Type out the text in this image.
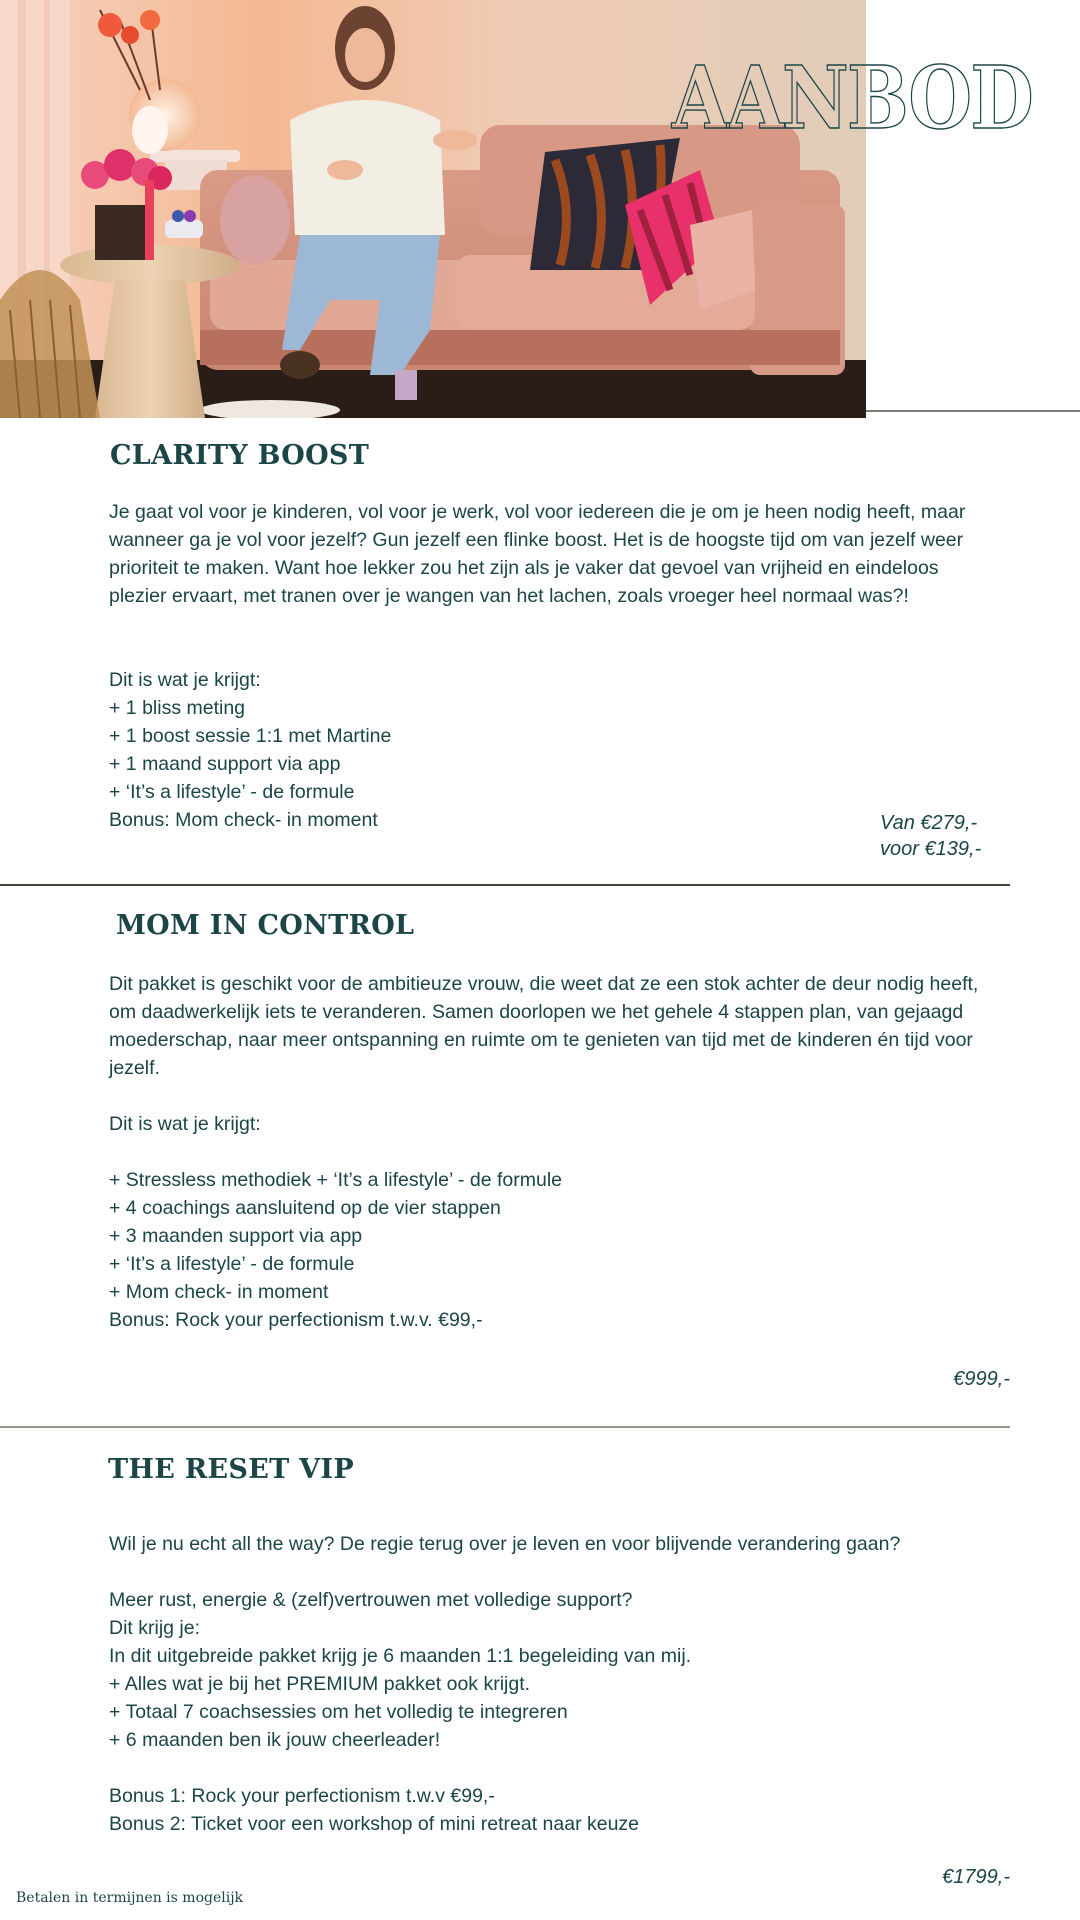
AANBOD
CLARITY BOOST

Je gaat vol voor je kinderen, vol voor je werk, vol voor iedereen die je om je heen nodig heeft, maar wanneer ga je vol voor jezelf? Gun jezelf een flinke boost. Het is de hoogste tijd om van jezelf weer prioriteit te maken. Want hoe lekker zou het zijn als je vaker dat gevoel van vrijheid en eindeloos plezier ervaart, met tranen over je wangen van het lachen, zoals vroeger heel normaal was?!

Dit is wat je krijgt:

+ 1 bliss meting
+ 1 boost sessie 1:1 met Martine
+ 1 maand support via app
+ ‘It’s a lifestyle’ - de formule
Bonus: Mom check- in moment	Van €279,-
voor €139,-
MOM IN CONTROL

Dit pakket is geschikt voor de ambitieuze vrouw, die weet dat ze een stok achter de deur nodig heeft, om daadwerkelijk iets te veranderen. Samen doorlopen we het gehele 4 stappen plan, van gejaagd moederschap, naar meer ontspanning en ruimte om te genieten van tijd met de kinderen én tijd voor jezelf.

Dit is wat je krijgt:

+ Stressless methodiek + ‘It’s a lifestyle’ - de formule
+ 4 coachings aansluitend op de vier stappen
+ 3 maanden support via app
+ ‘It’s a lifestyle’ - de formule
+ Mom check- in moment
Bonus: Rock your perfectionism t.w.v. €99,-
€999,-
THE RESET VIP

Wil je nu echt all the way? De regie terug over je leven en voor blijvende verandering gaan?

Meer rust, energie & (zelf)vertrouwen met volledige support?

In dit uitgebreide pakket krijg je 6 maanden 1:1 begeleiding van mij.

Dit krijg je:

+ Alles wat je bij het PREMIUM pakket ook krijgt.
+ Totaal 7 coachsessies om het volledig te integreren
+ 6 maanden ben ik jouw cheerleader!
Bonus 1: Rock your perfectionism t.w.v €99,-
Bonus 2: Ticket voor een workshop of mini retreat naar keuze
€1799,-
Betalen in termijnen is mogelijk
